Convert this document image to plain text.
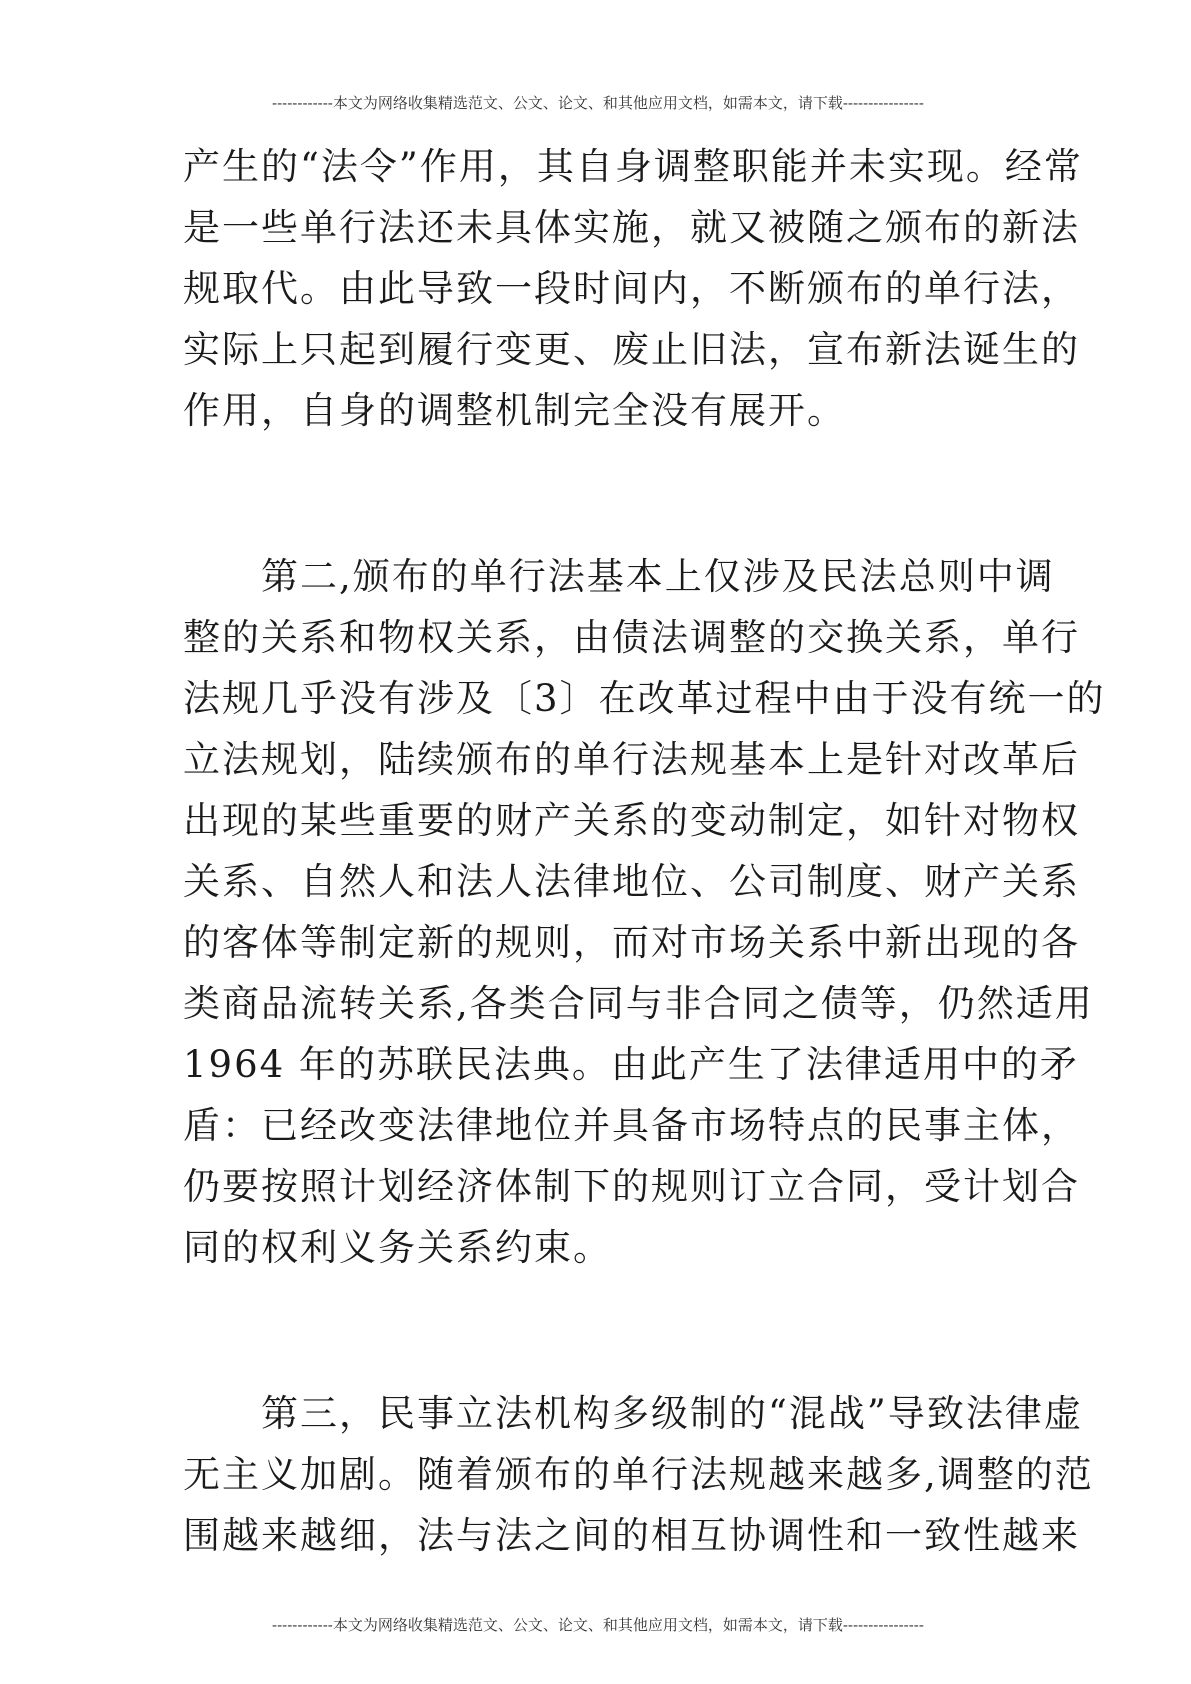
------------本文为网络收集精选范文、公文、论文、和其他应用文档，如需本文，请下载----------------
产生的“法令”作用，其自身调整职能并未实现。经常
是一些单行法还未具体实施，就又被随之颁布的新法
规取代。由此导致一段时间内，不断颁布的单行法，
实际上只起到履行变更、废止旧法，宣布新法诞生的
作用，自身的调整机制完全没有展开。
第二,颁布的单行法基本上仅涉及民法总则中调
整的关系和物权关系，由债法调整的交换关系，单行
法规几乎没有涉及〔3〕在改革过程中由于没有统一的
立法规划，陆续颁布的单行法规基本上是针对改革后
出现的某些重要的财产关系的变动制定，如针对物权
关系、自然人和法人法律地位、公司制度、财产关系
的客体等制定新的规则，而对市场关系中新出现的各
类商品流转关系,各类合同与非合同之债等，仍然适用
1964 年的苏联民法典。由此产生了法律适用中的矛
盾：已经改变法律地位并具备市场特点的民事主体，
仍要按照计划经济体制下的规则订立合同，受计划合
同的权利义务关系约束。
第三，民事立法机构多级制的“混战”导致法律虚
无主义加剧。随着颁布的单行法规越来越多,调整的范
围越来越细，法与法之间的相互协调性和一致性越来
------------本文为网络收集精选范文、公文、论文、和其他应用文档，如需本文，请下载----------------
